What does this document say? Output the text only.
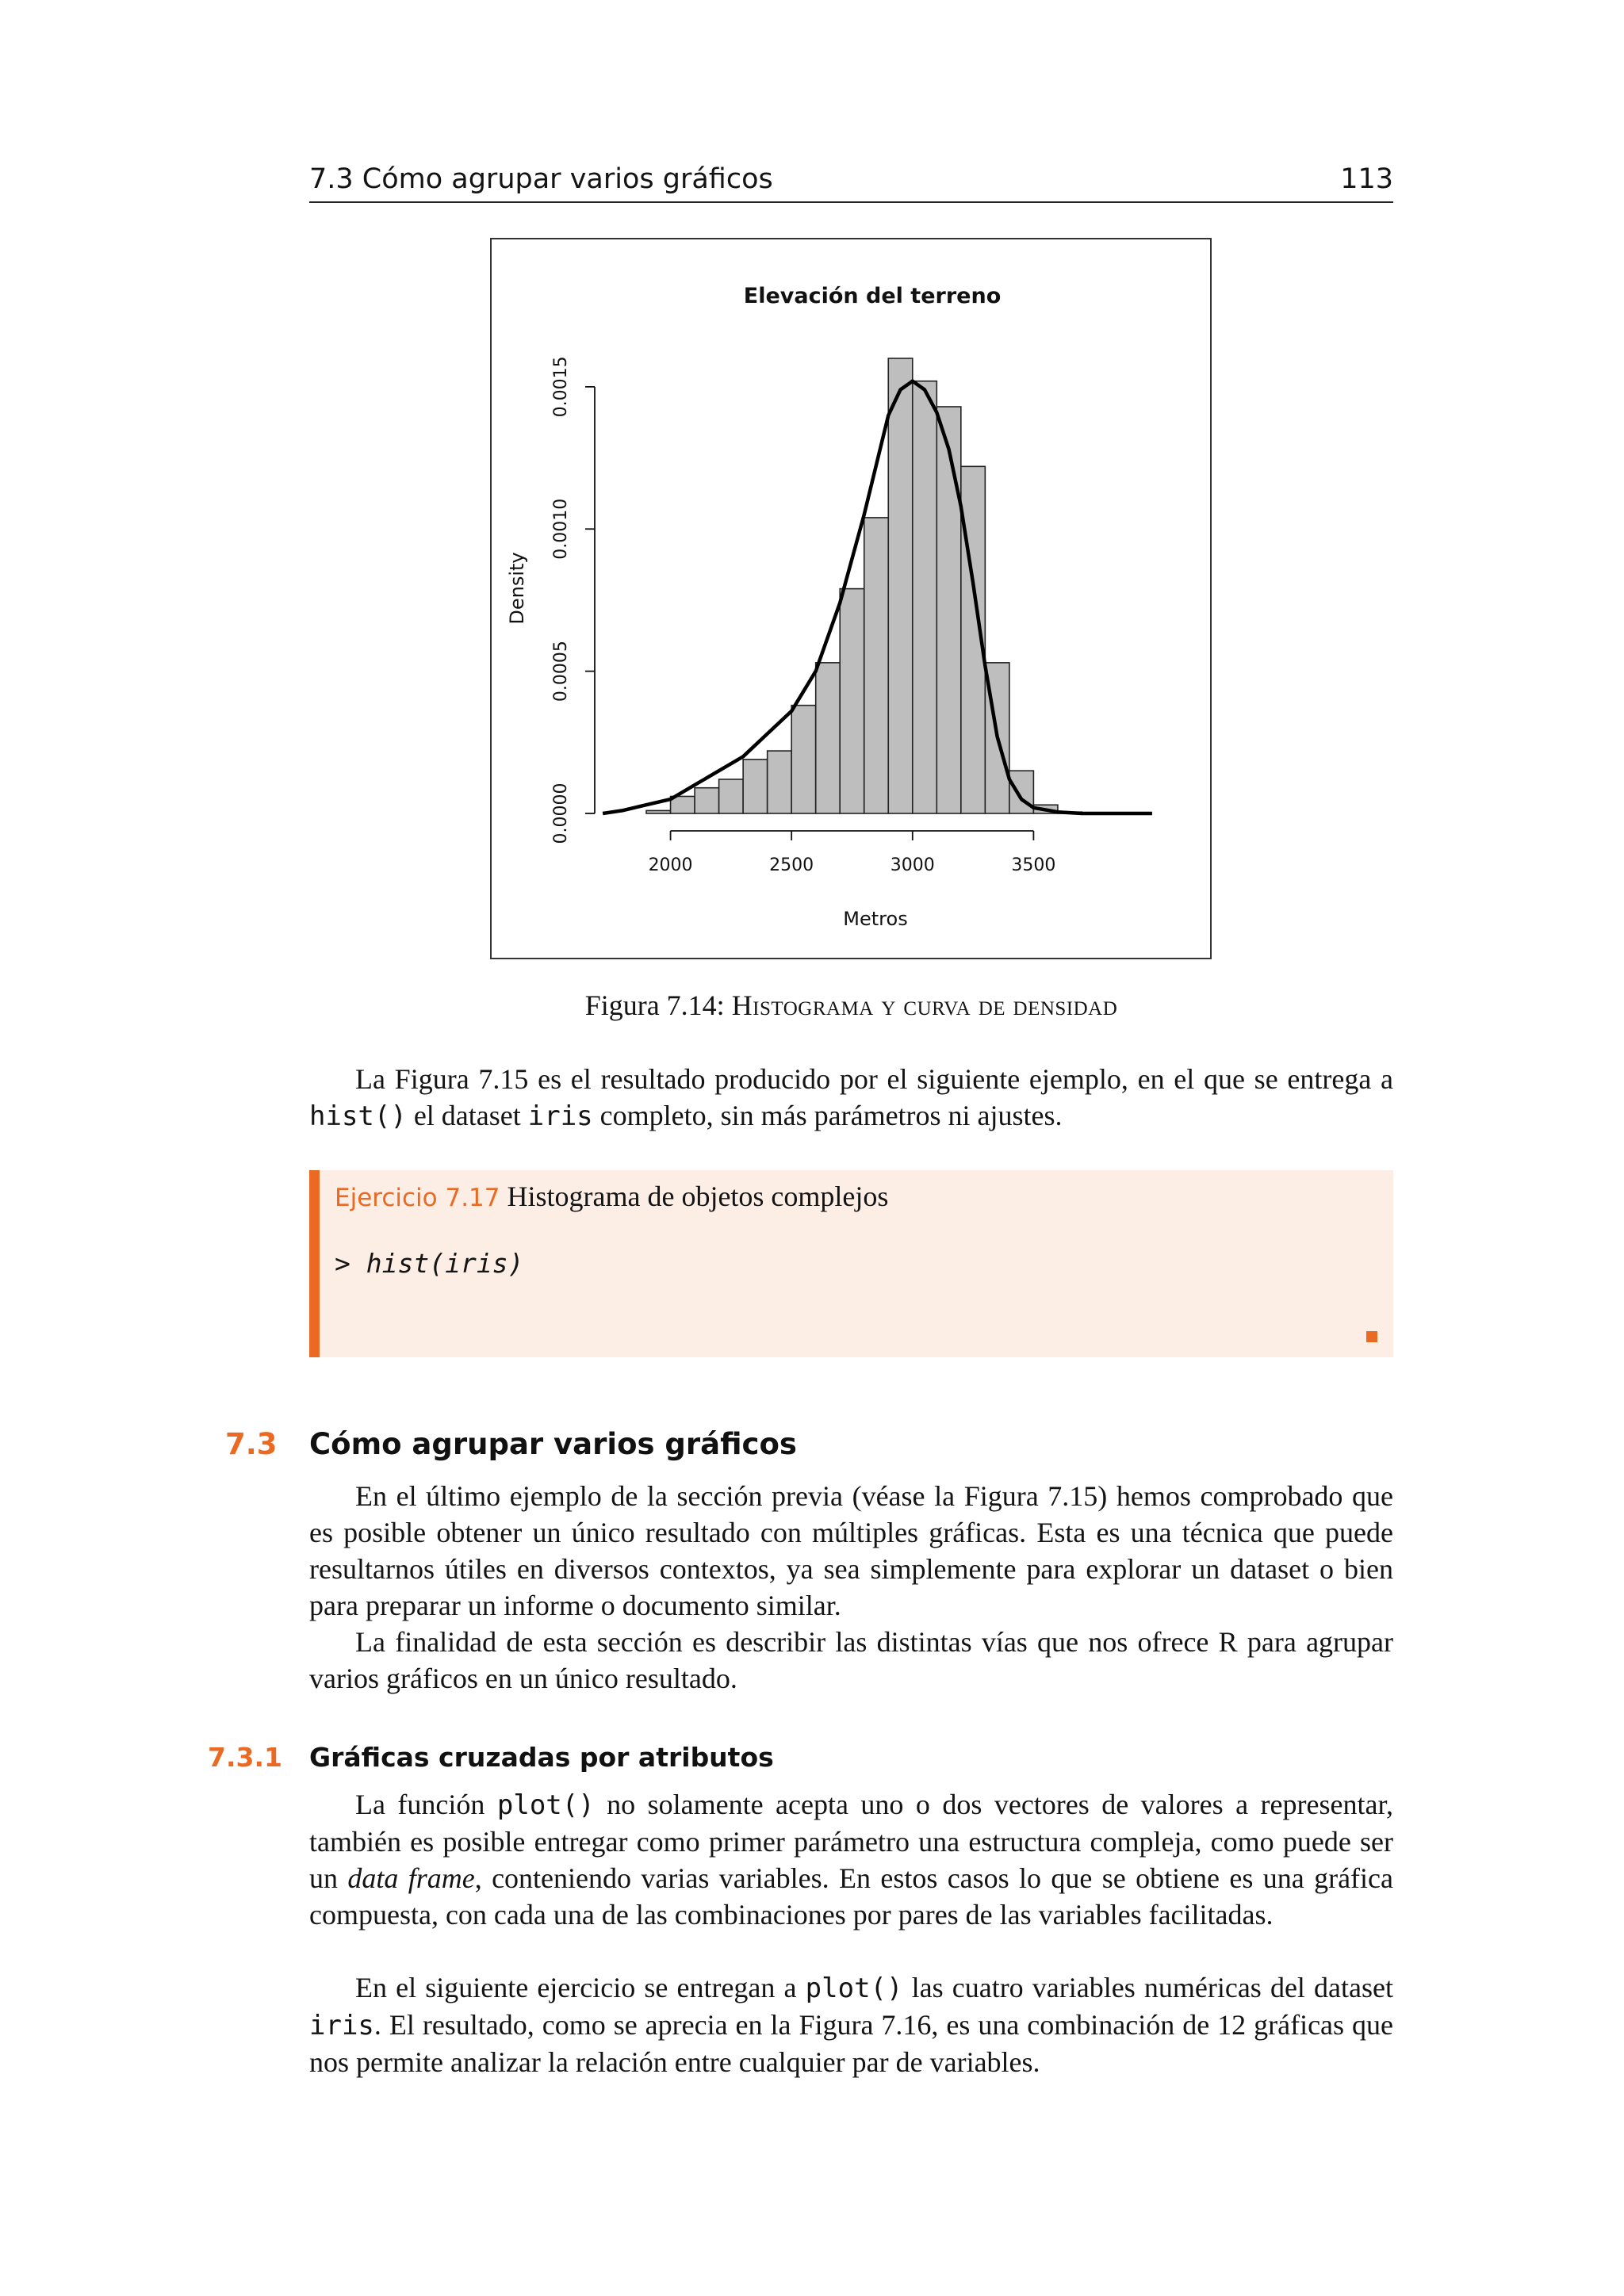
7.3 Cómo agrupar varios gráficos	113
Elevación del terreno
Metros
Density
2000	2500	3000	3500
0.0000
0.0005
0.0010
0.0015
Figura 7.14: Histograma y curva de densidad

La Figura 7.15 es el resultado producido por el siguiente ejemplo, en el que se entrega a hist() el dataset iris completo, sin más parámetros ni ajustes.

Ejercicio 7.17 Histograma de objetos complejos
> hist(iris)
7.3 Cómo agrupar varios gráficos

En el último ejemplo de la sección previa (véase la Figura 7.15) hemos comprobado que es posible obtener un único resultado con múltiples gráficas. Esta es una técnica que puede resultarnos útiles en diversos contextos, ya sea simplemente para explorar un dataset o bien para preparar un informe o documento similar.

La finalidad de esta sección es describir las distintas vías que nos ofrece R para agrupar varios gráficos en un único resultado.

7.3.1 Gráficas cruzadas por atributos

La función plot() no solamente acepta uno o dos vectores de valores a representar, también es posible entregar como primer parámetro una estructura compleja, como puede ser un data frame, conteniendo varias variables. En estos casos lo que se obtiene es una gráfica compuesta, con cada una de las combinaciones por pares de las variables facilitadas.

En el siguiente ejercicio se entregan a plot() las cuatro variables numéricas del dataset iris. El resultado, como se aprecia en la Figura 7.16, es una combinación de 12 gráficas que nos permite analizar la relación entre cualquier par de variables.
